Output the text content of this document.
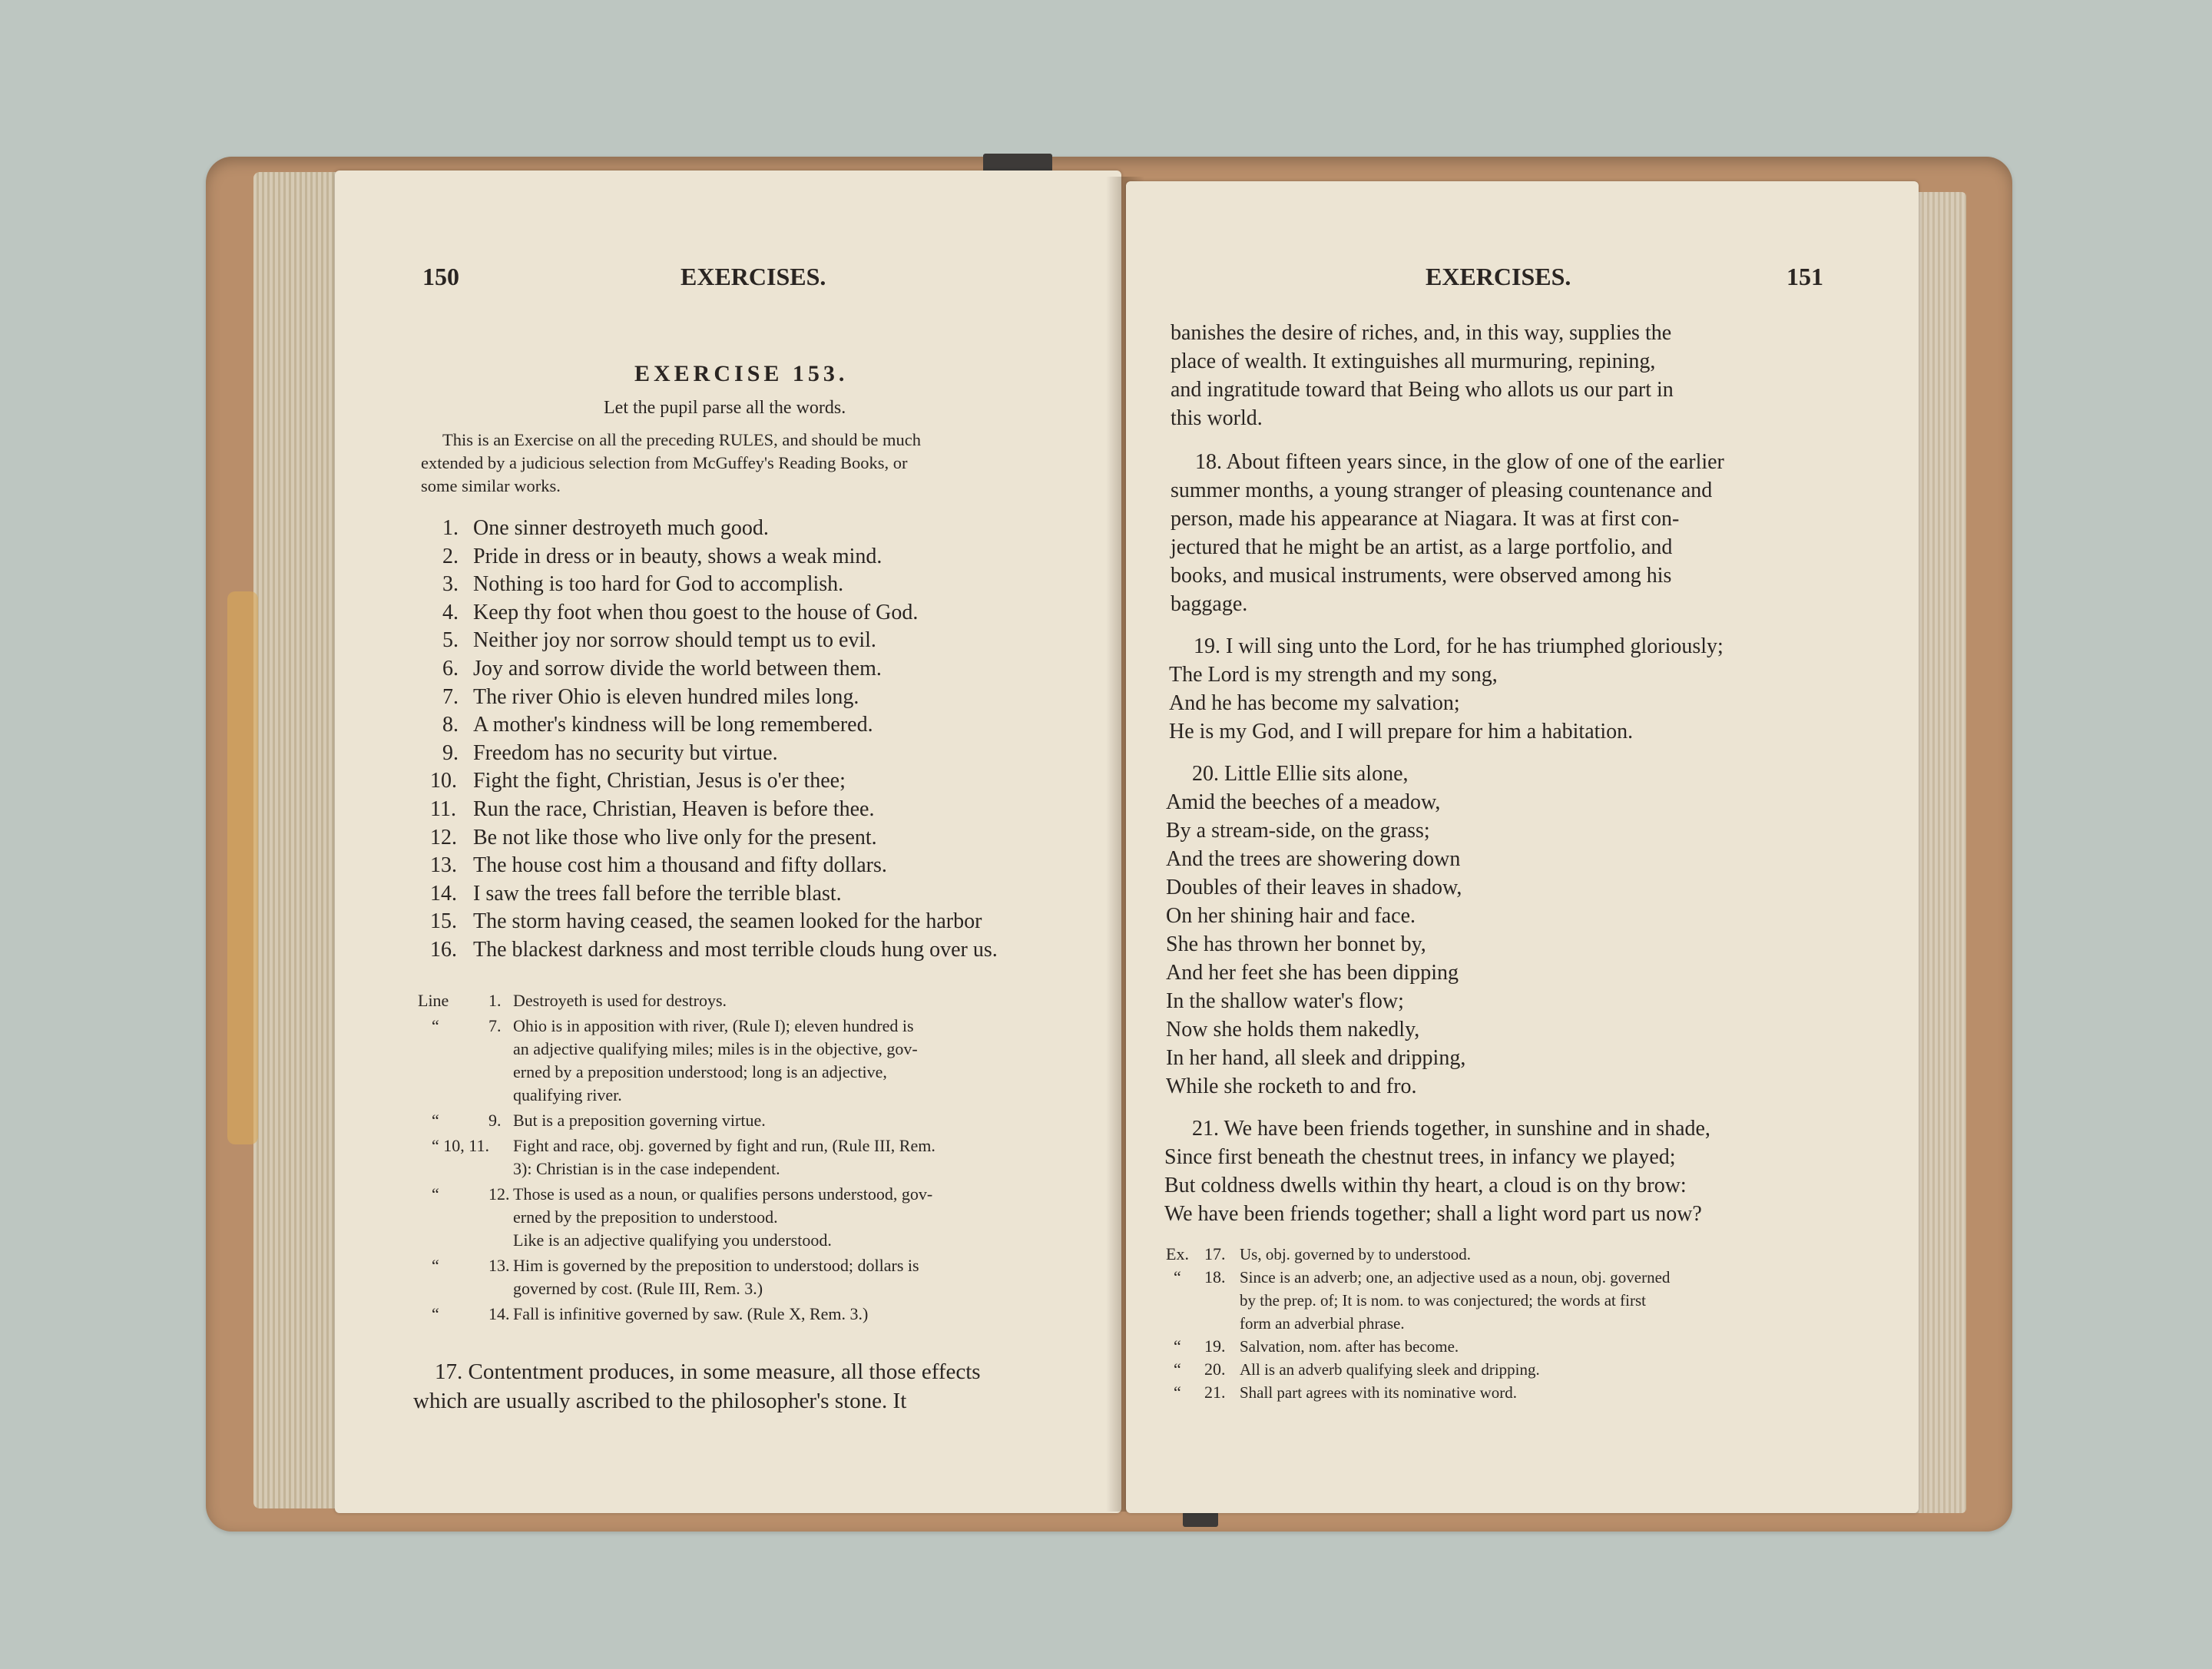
150	EXERCISES.
EXERCISE 153.
Let the pupil parse all the words.
This is an Exercise on all the preceding RULES, and should be much
extended by a judicious selection from McGuffey's Reading Books, or
some similar works.
1. One sinner destroyeth much good.
2. Pride in dress or in beauty, shows a weak mind.
3. Nothing is too hard for God to accomplish.
4. Keep thy foot when thou goest to the house of God.
5. Neither joy nor sorrow should tempt us to evil.
6. Joy and sorrow divide the world between them.
7. The river Ohio is eleven hundred miles long.
8. A mother's kindness will be long remembered.
9. Freedom has no security but virtue.
10. Fight the fight, Christian, Jesus is o'er thee;
11. Run the race, Christian, Heaven is before thee.
12. Be not like those who live only for the present.
13. The house cost him a thousand and fifty dollars.
14. I saw the trees fall before the terrible blast.
15. The storm having ceased, the seamen looked for the harbor
16. The blackest darkness and most terrible clouds hung over us.
Line 1. Destroyeth is used for destroys.
“	7. Ohio is in apposition with river, (Rule I); eleven hundred is
an adjective qualifying miles; miles is in the objective, gov-
erned by a preposition understood; long is an adjective,
qualifying river.
“	9. But is a preposition governing virtue.
“ 10, 11. Fight and race, obj. governed by fight and run, (Rule III, Rem.
3): Christian is in the case independent.
“	12. Those is used as a noun, or qualifies persons understood, gov-
erned by the preposition to understood.
Like is an adjective qualifying you understood.
“	13. Him is governed by the preposition to understood; dollars is
governed by cost. (Rule III, Rem. 3.)
“	14. Fall is infinitive governed by saw. (Rule X, Rem. 3.)
17. Contentment produces, in some measure, all those effects
which are usually ascribed to the philosopher's stone. It
EXERCISES.	151
banishes the desire of riches, and, in this way, supplies the
place of wealth. It extinguishes all murmuring, repining,
and ingratitude toward that Being who allots us our part in
this world.
18. About fifteen years since, in the glow of one of the earlier
summer months, a young stranger of pleasing countenance and
person, made his appearance at Niagara. It was at first con-
jectured that he might be an artist, as a large portfolio, and
books, and musical instruments, were observed among his
baggage.
19. I will sing unto the Lord, for he has triumphed gloriously;
The Lord is my strength and my song,
And he has become my salvation;
He is my God, and I will prepare for him a habitation.
20. Little Ellie sits alone,
Amid the beeches of a meadow,
By a stream-side, on the grass;
And the trees are showering down
Doubles of their leaves in shadow,
On her shining hair and face.
She has thrown her bonnet by,
And her feet she has been dipping
In the shallow water's flow;
Now she holds them nakedly,
In her hand, all sleek and dripping,
While she rocketh to and fro.
21. We have been friends together, in sunshine and in shade,
Since first beneath the chestnut trees, in infancy we played;
But coldness dwells within thy heart, a cloud is on thy brow:
We have been friends together; shall a light word part us now?
Ex. 17. Us, obj. governed by to understood.
“ 18. Since is an adverb; one, an adjective used as a noun, obj. governed
by the prep. of; It is nom. to was conjectured; the words at first
form an adverbial phrase.
“ 19. Salvation, nom. after has become.
“ 20. All is an adverb qualifying sleek and dripping.
“ 21. Shall part agrees with its nominative word.
